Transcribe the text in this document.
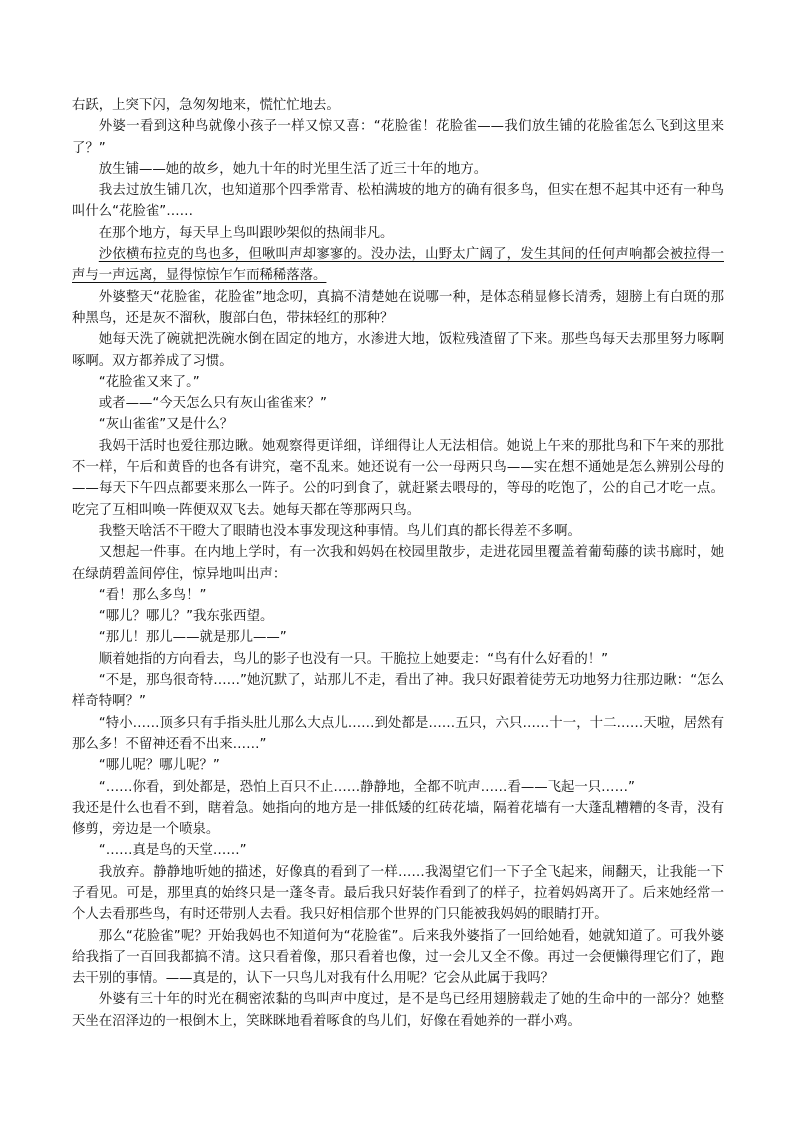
右跃，上突下闪，急匆匆地来，慌忙忙地去。

外婆一看到这种鸟就像小孩子一样又惊又喜：“花脸雀！花脸雀——我们放生铺的花脸雀怎么飞到这里来了？”

放生铺——她的故乡，她九十年的时光里生活了近三十年的地方。

我去过放生铺几次，也知道那个四季常青、松柏满坡的地方的确有很多鸟，但实在想不起其中还有一种鸟叫什么“花脸雀”……

在那个地方，每天早上鸟叫跟吵架似的热闹非凡。

沙依横布拉克的鸟也多，但啾叫声却寥寥的。没办法，山野太广阔了，发生其间的任何声响都会被拉得一声与一声远离，显得惊惊乍乍而稀稀落落。

外婆整天“花脸雀，花脸雀”地念叨，真搞不清楚她在说哪一种，是体态稍显修长清秀，翅膀上有白斑的那种黑鸟，还是灰不溜秋，腹部白色，带抹轻红的那种？

她每天洗了碗就把洗碗水倒在固定的地方，水渗进大地，饭粒残渣留了下来。那些鸟每天去那里努力啄啊啄啊。双方都养成了习惯。

“花脸雀又来了。”

或者——“今天怎么只有灰山雀雀来？”

“灰山雀雀”又是什么？

我妈干活时也爱往那边瞅。她观察得更详细，详细得让人无法相信。她说上午来的那批鸟和下午来的那批不一样，午后和黄昏的也各有讲究，毫不乱来。她还说有一公一母两只鸟——实在想不通她是怎么辨别公母的——每天下午四点都要来那么一阵子。公的叼到食了，就赶紧去喂母的，等母的吃饱了，公的自己才吃一点。吃完了互相叫唤一阵便双双飞去。她每天都在等那两只鸟。

我整天啥活不干瞪大了眼睛也没本事发现这种事情。鸟儿们真的都长得差不多啊。

又想起一件事。在内地上学时，有一次我和妈妈在校园里散步，走进花园里覆盖着葡萄藤的读书廊时，她在绿荫碧盖间停住，惊异地叫出声：

“看！那么多鸟！”

“哪儿？哪儿？”我东张西望。

“那儿！那儿——就是那儿——”

顺着她指的方向看去，鸟儿的影子也没有一只。干脆拉上她要走：“鸟有什么好看的！”

“不是，那鸟很奇特……”她沉默了，站那儿不走，看出了神。我只好跟着徒劳无功地努力往那边瞅：“怎么样奇特啊？”

“特小……顶多只有手指头肚儿那么大点儿……到处都是……五只，六只……十一，十二……天啦，居然有那么多！不留神还看不出来……”

“哪儿呢？哪儿呢？”

“……你看，到处都是，恐怕上百只不止……静静地，全都不吭声……看——飞起一只……”

我还是什么也看不到，瞎着急。她指向的地方是一排低矮的红砖花墙，隔着花墙有一大蓬乱糟糟的冬青，没有修剪，旁边是一个喷泉。

“……真是鸟的天堂……”

我放弃。静静地听她的描述，好像真的看到了一样……我渴望它们一下子全飞起来，闹翻天，让我能一下子看见。可是，那里真的始终只是一蓬冬青。最后我只好装作看到了的样子，拉着妈妈离开了。后来她经常一个人去看那些鸟，有时还带别人去看。我只好相信那个世界的门只能被我妈妈的眼睛打开。

那么“花脸雀”呢？开始我妈也不知道何为“花脸雀”。后来我外婆指了一回给她看，她就知道了。可我外婆给我指了一百回我都搞不清。这只看着像，那只看着也像，过一会儿又全不像。再过一会便懒得理它们了，跑去干别的事情。——真是的，认下一只鸟儿对我有什么用呢？它会从此属于我吗？

外婆有三十年的时光在稠密浓黏的鸟叫声中度过，是不是鸟已经用翅膀载走了她的生命中的一部分？她整天坐在沼泽边的一根倒木上，笑眯眯地看着啄食的鸟儿们，好像在看她养的一群小鸡。
